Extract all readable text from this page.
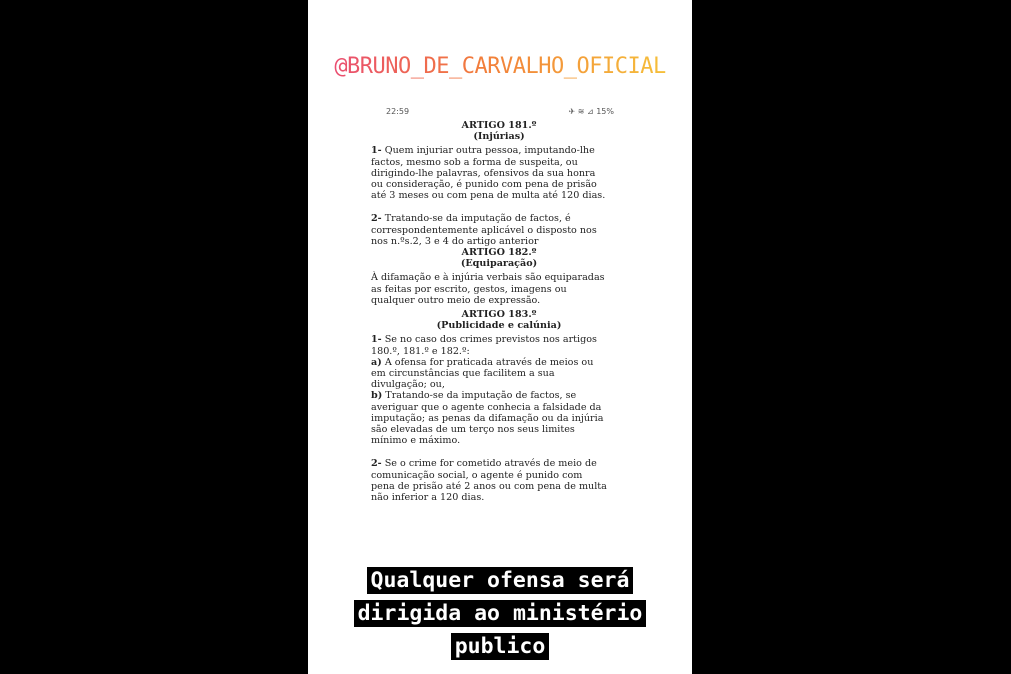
@BRUNO_DE_CARVALHO_OFICIAL
22:59	✈ ≋ ⊿ 15%
ARTIGO 181.º
(Injúrias)

1- Quem injuriar outra pessoa, imputando-lhe
factos, mesmo sob a forma de suspeita, ou
dirigindo-lhe palavras, ofensivos da sua honra
ou consideração, é punido com pena de prisão
até 3 meses ou com pena de multa até 120 dias.

2- Tratando-se da imputação de factos, é
correspondentemente aplicável o disposto nos
nos n.ºs.2, 3 e 4 do artigo anterior

ARTIGO 182.º
(Equiparação)

À difamação e à injúria verbais são equiparadas
as feitas por escrito, gestos, imagens ou
qualquer outro meio de expressão.

ARTIGO 183.º
(Publicidade e calúnia)

1- Se no caso dos crimes previstos nos artigos
180.º, 181.º e 182.º:
a) A ofensa for praticada através de meios ou
em circunstâncias que facilitem a sua
divulgação; ou,
b) Tratando-se da imputação de factos, se
averiguar que o agente conhecia a falsidade da
imputação; as penas da difamação ou da injúria
são elevadas de um terço nos seus limites
mínimo e máximo.

2- Se o crime for cometido através de meio de
comunicação social, o agente é punido com
pena de prisão até 2 anos ou com pena de multa
não inferior a 120 dias.

Qualquer ofensa será
dirigida ao ministério
publico
